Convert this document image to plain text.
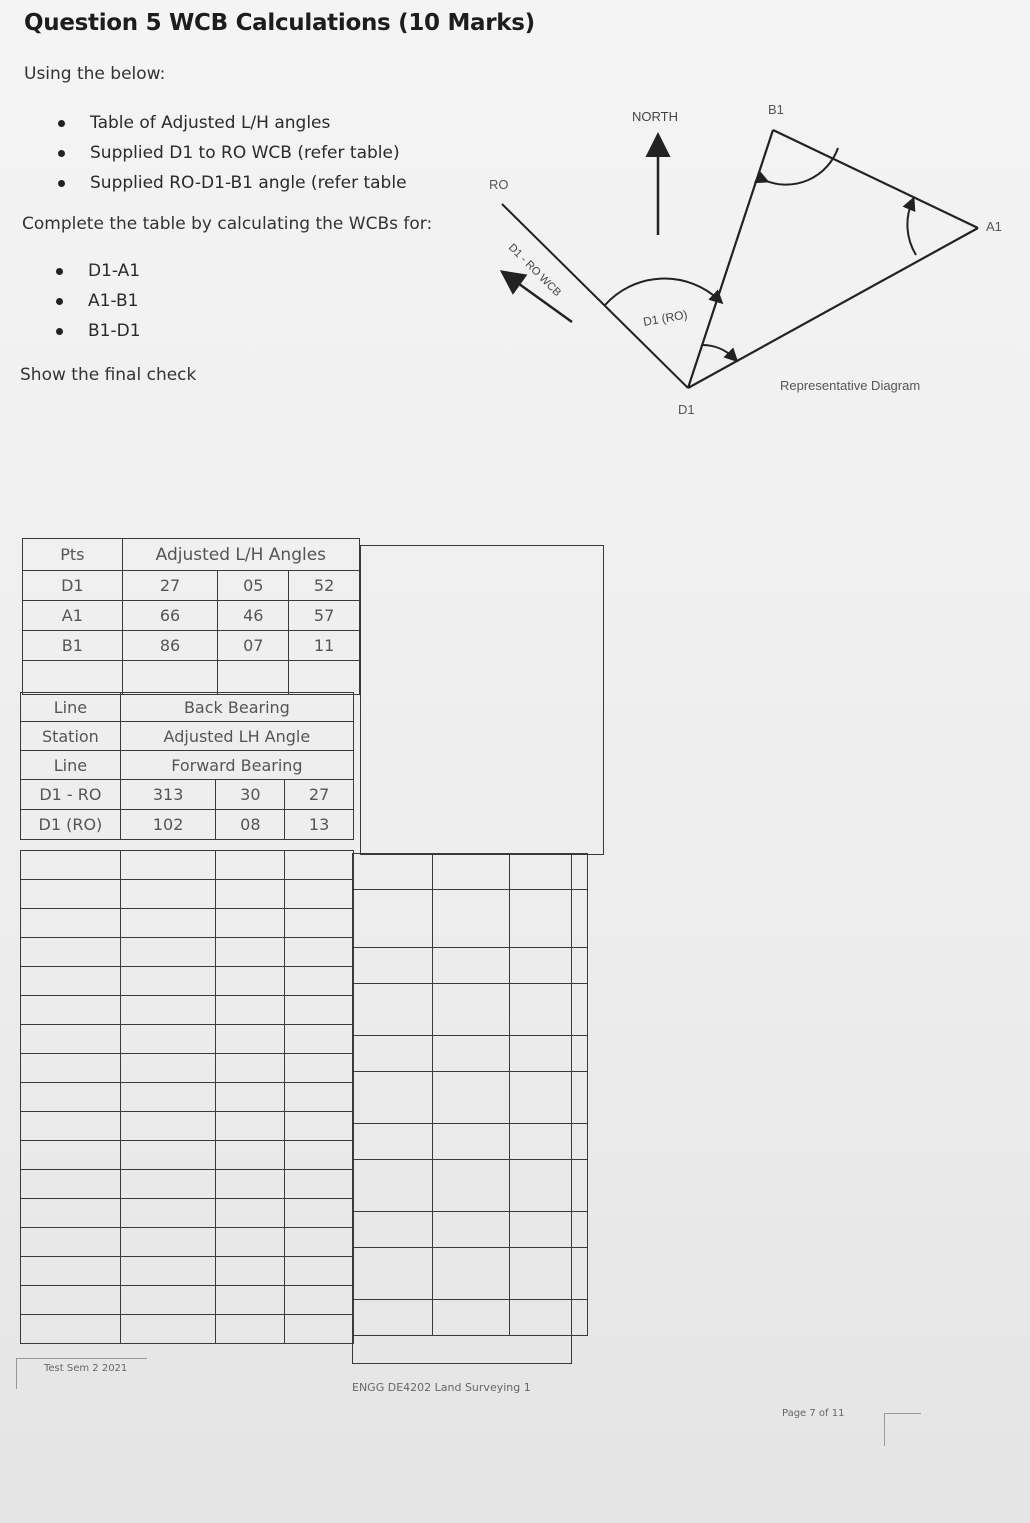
Question 5 WCB Calculations (10 Marks)
Using the below:
Table of Adjusted L/H angles
Supplied D1 to RO WCB (refer table)
Supplied RO-D1-B1 angle (refer table
Complete the table by calculating the WCBs for:
D1-A1
A1-B1
B1-D1
Show the final check
NORTH
RO
B1
A1
D1
D1 - RO WCB
D1 (RO)
Representative Diagram
Pts	Adjusted L/H Angles		
D1	27	05	52
A1	66	46	57
B1	86	07	11

Line	Back Bearing		
Station	Adjusted LH Angle		
Line	Forward Bearing		
D1 - RO	313	30	27
D1 (RO)	102	08	13

Test Sem 2 2021
ENGG DE4202 Land Surveying 1
Page 7 of 11
